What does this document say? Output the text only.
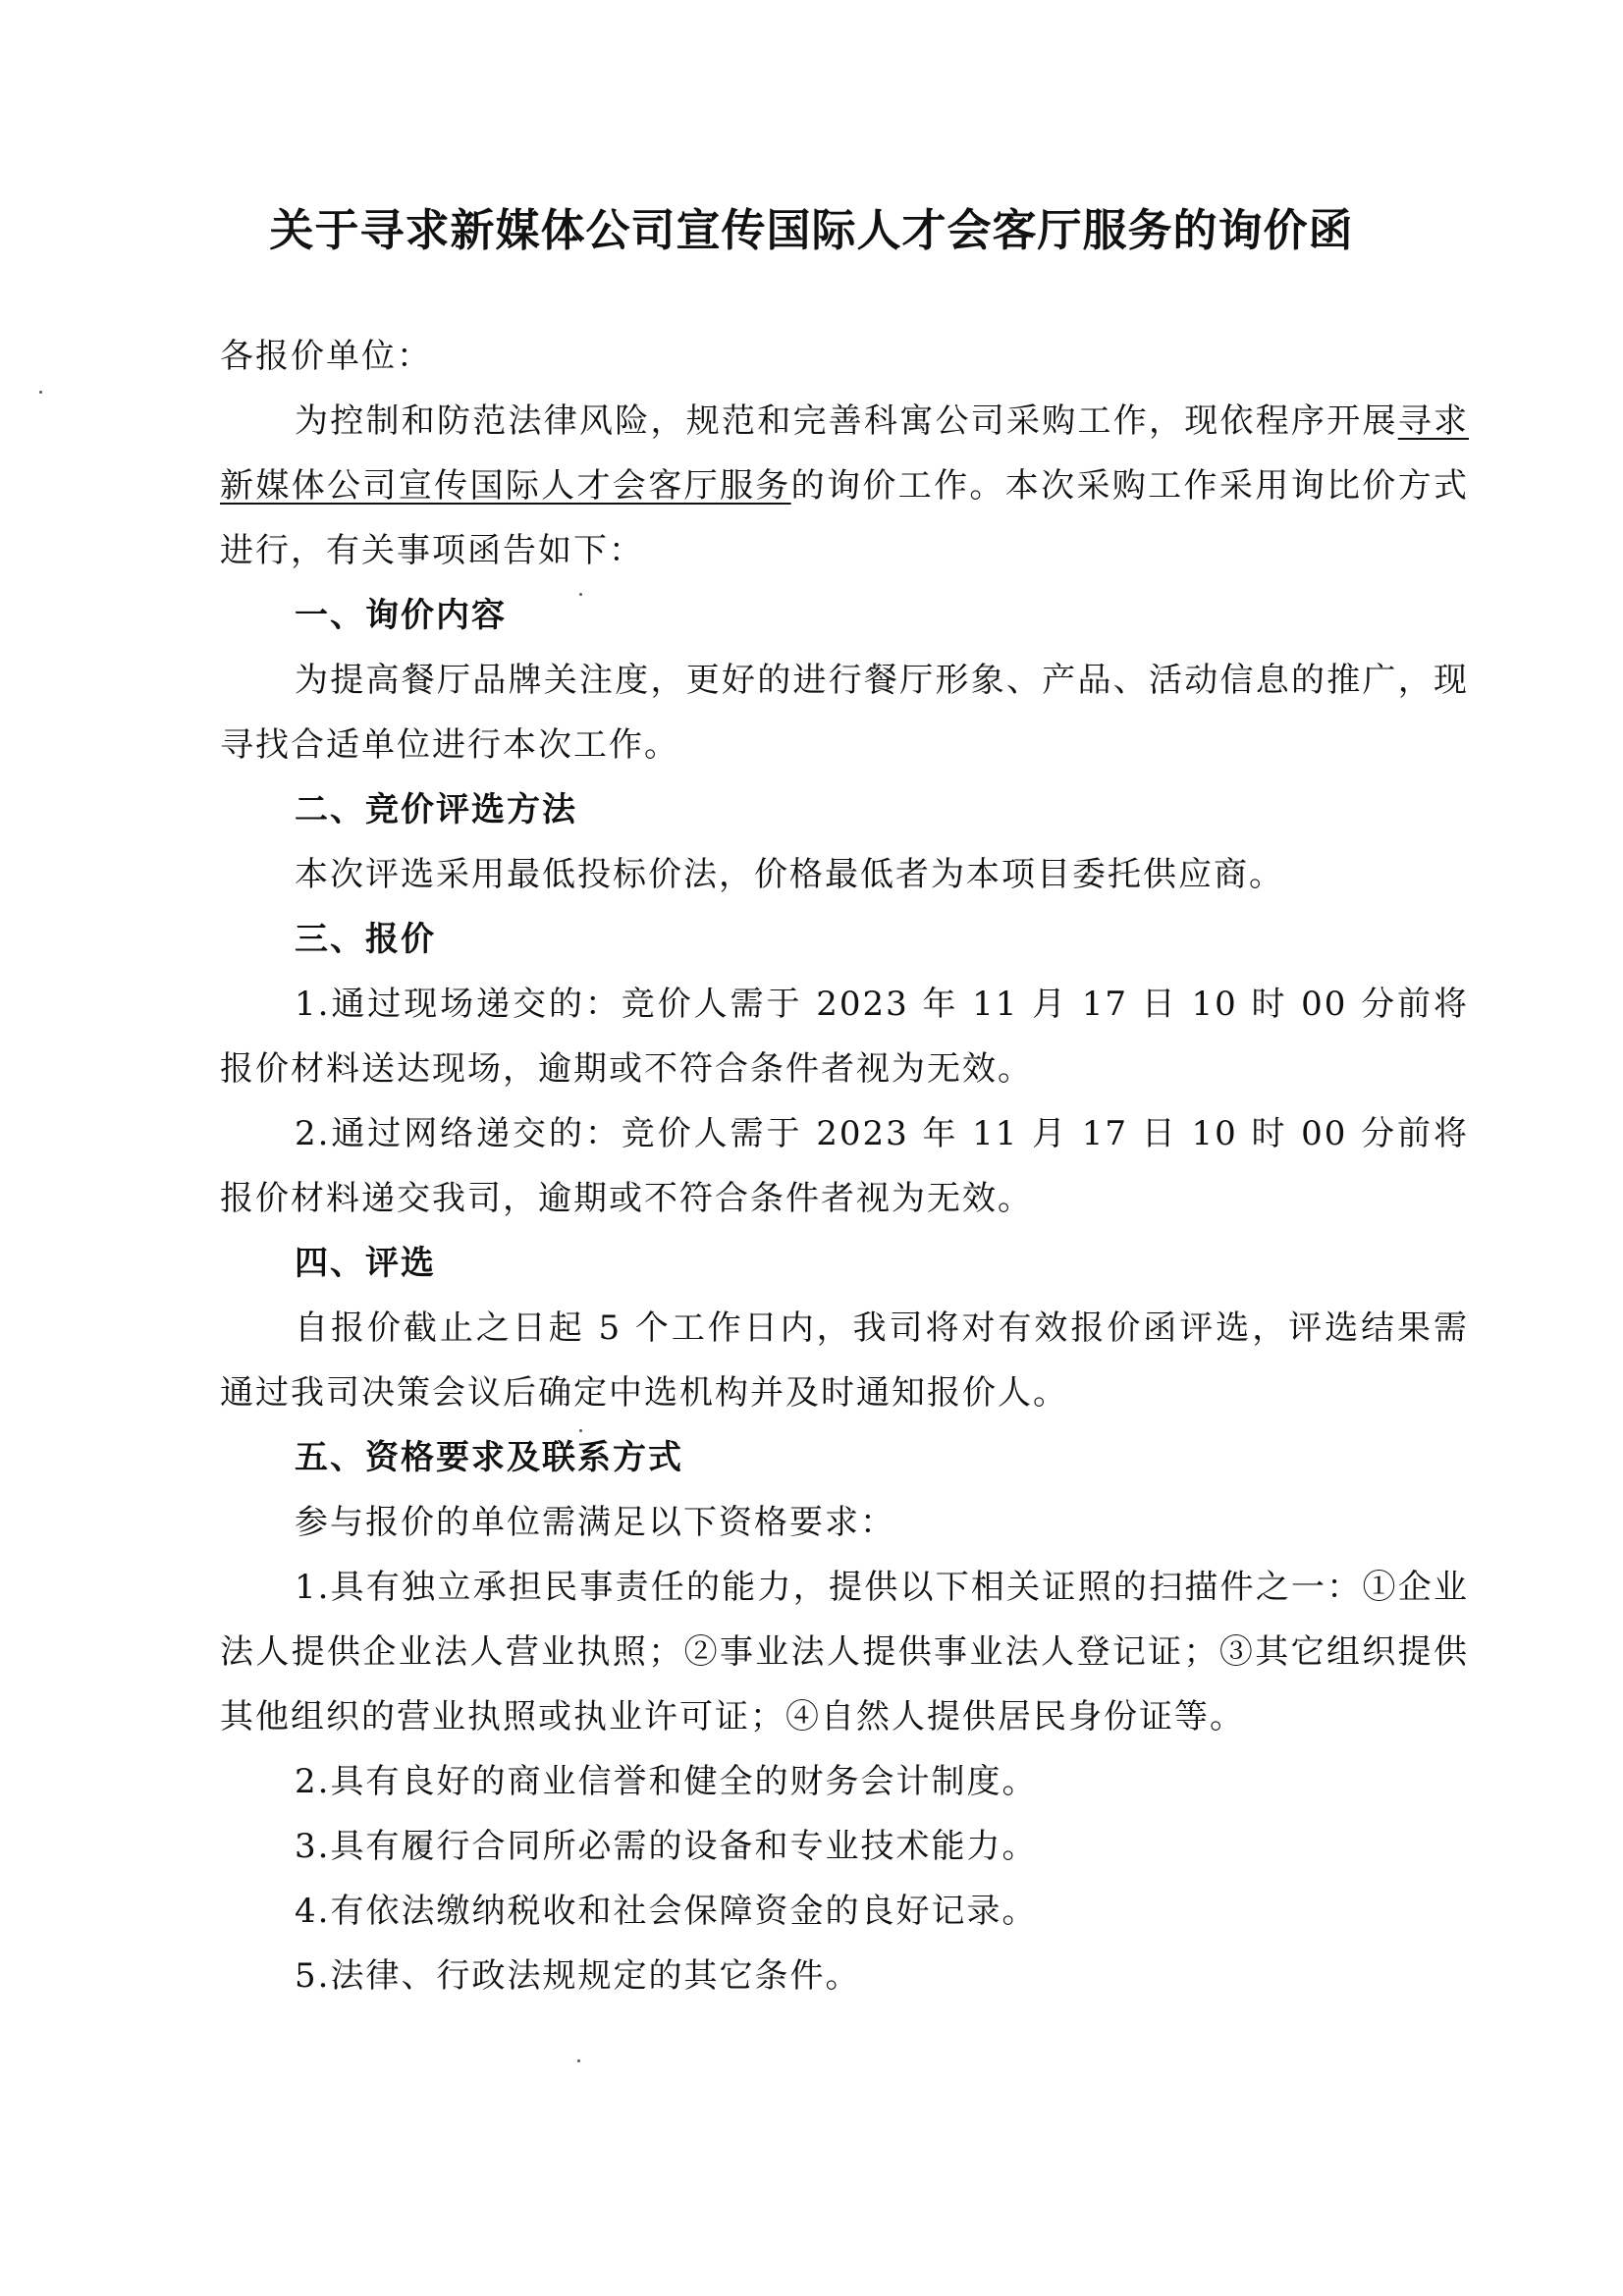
关于寻求新媒体公司宣传国际人才会客厅服务的询价函

各报价单位：

为控制和防范法律风险，规范和完善科寓公司采购工作，现依程序开展寻求新媒体公司宣传国际人才会客厅服务的询价工作。本次采购工作采用询比价方式进行，有关事项函告如下：

一、询价内容

为提高餐厅品牌关注度，更好的进行餐厅形象、产品、活动信息的推广，现寻找合适单位进行本次工作。

二、竞价评选方法

本次评选采用最低投标价法，价格最低者为本项目委托供应商。

三、报价

1.通过现场递交的：竞价人需于 2023 年 11 月 17 日 10 时 00 分前将报价材料送达现场，逾期或不符合条件者视为无效。

2.通过网络递交的：竞价人需于 2023 年 11 月 17 日 10 时 00 分前将报价材料递交我司，逾期或不符合条件者视为无效。

四、评选

自报价截止之日起 5 个工作日内，我司将对有效报价函评选，评选结果需通过我司决策会议后确定中选机构并及时通知报价人。

五、资格要求及联系方式

参与报价的单位需满足以下资格要求：

1.具有独立承担民事责任的能力，提供以下相关证照的扫描件之一：①企业法人提供企业法人营业执照；②事业法人提供事业法人登记证；③其它组织提供其他组织的营业执照或执业许可证；④自然人提供居民身份证等。

2.具有良好的商业信誉和健全的财务会计制度。

3.具有履行合同所必需的设备和专业技术能力。

4.有依法缴纳税收和社会保障资金的良好记录。

5.法律、行政法规规定的其它条件。
